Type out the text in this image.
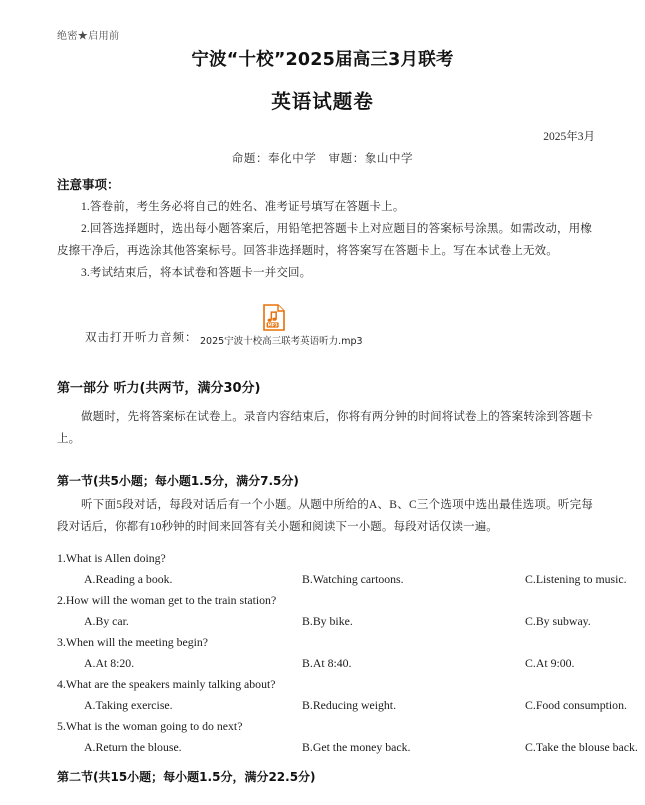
绝密★启用前
宁波“十校”2025届高三3月联考
英语试题卷
2025年3月
命题：奉化中学　审题：象山中学
注意事项：

1.答卷前，考生务必将自己的姓名、准考证号填写在答题卡上。

2.回答选择题时，选出每小题答案后，用铅笔把答题卡上对应题目的答案标号涂黑。如需改动，用橡皮擦干净后，再选涂其他答案标号。回答非选择题时，将答案写在答题卡上。写在本试卷上无效。

3.考试结束后，将本试卷和答题卡一并交回。

双击打开听力音频：
MP3
2025宁波十校高三联考英语听力.mp3
第一部分 听力(共两节，满分30分)

做题时，先将答案标在试卷上。录音内容结束后，你将有两分钟的时间将试卷上的答案转涂到答题卡上。

第一节(共5小题；每小题1.5分，满分7.5分)

听下面5段对话，每段对话后有一个小题。从题中所给的A、B、C三个选项中选出最佳选项。听完每段对话后，你都有10秒钟的时间来回答有关小题和阅读下一小题。每段对话仅读一遍。

1.What is Allen doing?
A.Reading a book.	B.Watching cartoons.	C.Listening to music.
2.How will the woman get to the train station?
A.By car.	B.By bike.	C.By subway.
3.When will the meeting begin?
A.At 8:20.	B.At 8:40.	C.At 9:00.
4.What are the speakers mainly talking about?
A.Taking exercise.	B.Reducing weight.	C.Food consumption.
5.What is the woman going to do next?
A.Return the blouse.	B.Get the money back.	C.Take the blouse back.
第二节(共15小题；每小题1.5分，满分22.5分)
